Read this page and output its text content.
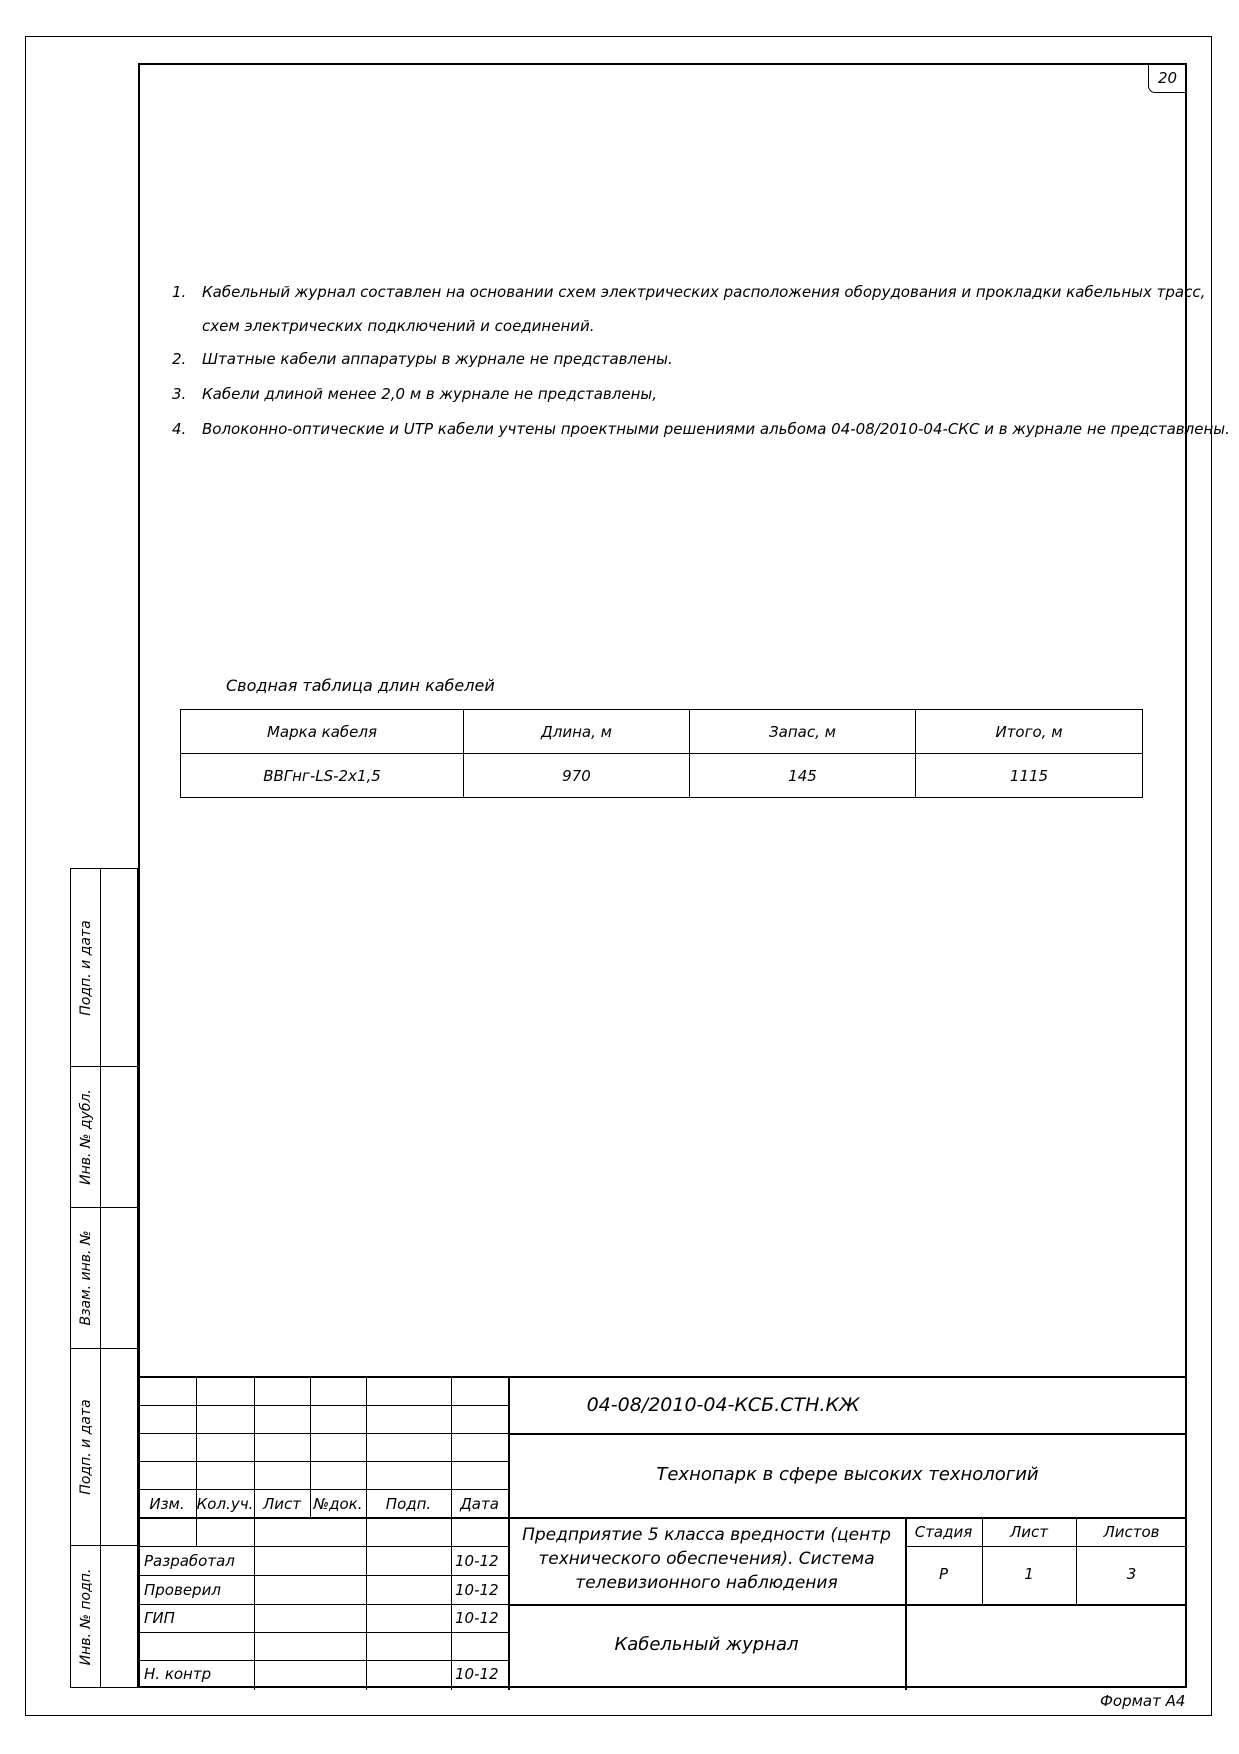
20
1.	Кабельный журнал составлен на основании схем электрических расположения оборудования и прокладки кабельных трасс,
схем электрических подключений и соединений.
2.	Штатные кабели аппаратуры в журнале не представлены.
3.	Кабели длиной менее 2,0 м в журнале не представлены,
4.	Волоконно-оптические и UTP кабели учтены проектными решениями альбома 04-08/2010-04-СКС и в журнале не представлены.
Сводная таблица длин кабелей
Марка кабеля	Длина, м	Запас, м	Итого, м
ВВГнг-LS-2х1,5	970	145	1115
Подп. и дата
Инв. № дубл.
Взам. инв. №
Подп. и дата
Инв. № подп.
Изм. Кол.уч. Лист №док.	Подп.	Дата
Разработал	10-12
Проверил	10-12
ГИП	10-12
Н. контр	10-12
04-08/2010-04-КСБ.СТН.КЖ
Технопарк в сфере высоких технологий
Предприятие 5 класса вредности (центр
технического обеспечения). Система
телевизионного наблюдения
Кабельный журнал
Стадия	Лист	Листов
Р	1	3
Формат А4
